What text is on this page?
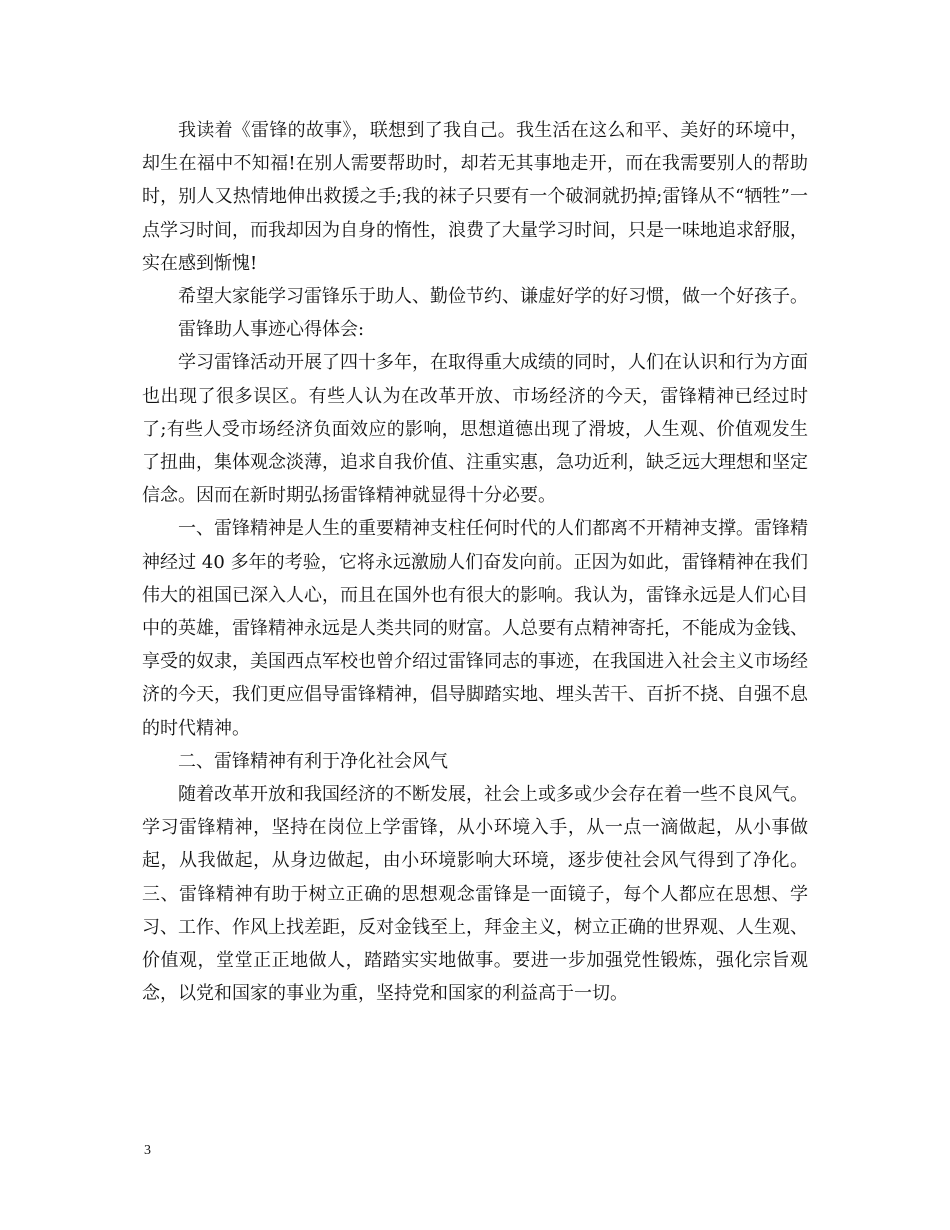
我读着《雷锋的故事》，联想到了我自己。我生活在这么和平、美好的环境中，却生在福中不知福!在别人需要帮助时，却若无其事地走开，而在我需要别人的帮助时，别人又热情地伸出救援之手;我的袜子只要有一个破洞就扔掉;雷锋从不“牺牲”一点学习时间，而我却因为自身的惰性，浪费了大量学习时间，只是一味地追求舒服，实在感到惭愧!

希望大家能学习雷锋乐于助人、勤俭节约、谦虚好学的好习惯，做一个好孩子。

雷锋助人事迹心得体会:

学习雷锋活动开展了四十多年，在取得重大成绩的同时，人们在认识和行为方面也出现了很多误区。有些人认为在改革开放、市场经济的今天，雷锋精神已经过时了;有些人受市场经济负面效应的影响，思想道德出现了滑坡，人生观、价值观发生了扭曲，集体观念淡薄，追求自我价值、注重实惠，急功近利，缺乏远大理想和坚定信念。因而在新时期弘扬雷锋精神就显得十分必要。

一、雷锋精神是人生的重要精神支柱任何时代的人们都离不开精神支撑。雷锋精神经过 40 多年的考验，它将永远激励人们奋发向前。正因为如此，雷锋精神在我们伟大的祖国已深入人心，而且在国外也有很大的影响。我认为，雷锋永远是人们心目中的英雄，雷锋精神永远是人类共同的财富。人总要有点精神寄托，不能成为金钱、享受的奴隶，美国西点军校也曾介绍过雷锋同志的事迹，在我国进入社会主义市场经济的今天，我们更应倡导雷锋精神，倡导脚踏实地、埋头苦干、百折不挠、自强不息的时代精神。

二、雷锋精神有利于净化社会风气

随着改革开放和我国经济的不断发展，社会上或多或少会存在着一些不良风气。学习雷锋精神，坚持在岗位上学雷锋，从小环境入手，从一点一滴做起，从小事做起，从我做起，从身边做起，由小环境影响大环境，逐步使社会风气得到了净化。三、雷锋精神有助于树立正确的思想观念雷锋是一面镜子，每个人都应在思想、学习、工作、作风上找差距，反对金钱至上，拜金主义，树立正确的世界观、人生观、价值观，堂堂正正地做人，踏踏实实地做事。要进一步加强党性锻炼，强化宗旨观念，以党和国家的事业为重，坚持党和国家的利益高于一切。

3
